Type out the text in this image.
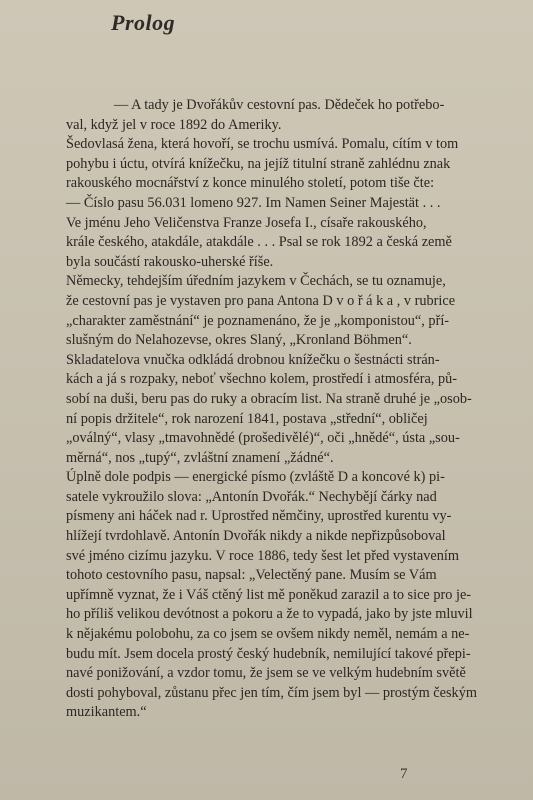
Prolog

— A tady je Dvořákův cestovní pas. Dědeček ho potřebo-
val, když jel v roce 1892 do Ameriky.

Šedovlasá žena, která hovoří, se trochu usmívá. Pomalu, cítím v tom
pohybu i úctu, otvírá knížečku, na jejíž titulní straně zahlédnu znak
rakouského mocnářství z konce minulého století, potom tiše čte:
— Číslo pasu 56.031 lomeno 927. Im Namen Seiner Majestät . . .
Ve jménu Jeho Veličenstva Franze Josefa I., císaře rakouského,
krále českého, atakdále, atakdále . . . Psal se rok 1892 a česká země
byla součástí rakousko-uherské říše.

Německy, tehdejším úředním jazykem v Čechách, se tu oznamuje,
že cestovní pas je vystaven pro pana Antona D v o ř á k a , v rubrice
„charakter zaměstnání“ je poznamenáno, že je „komponistou“, pří-
slušným do Nelahozevse, okres Slaný, „Kronland Böhmen“.

Skladatelova vnučka odkládá drobnou knížečku o šestnácti strán-
kách a já s rozpaky, neboť všechno kolem, prostředí i atmosféra, pů-
sobí na duši, beru pas do ruky a obracím list. Na straně druhé je „osob-
ní popis držitele“, rok narození 1841, postava „střední“, obličej
„oválný“, vlasy „tmavohnědé (prošedivělé)“, oči „hnědé“, ústa „sou-
měrná“, nos „tupý“, zvláštní znamení „žádné“.

Úplně dole podpis — energické písmo (zvláště D a koncové k) pi-
satele vykroužilo slova: „Antonín Dvořák.“ Nechybějí čárky nad
písmeny ani háček nad r. Uprostřed němčiny, uprostřed kurentu vy-
hlížejí tvrdohlavě. Antonín Dvořák nikdy a nikde nepřizpůsoboval
své jméno cizímu jazyku. V roce 1886, tedy šest let před vystavením
tohoto cestovního pasu, napsal: „Velectěný pane. Musím se Vám
upřímně vyznat, že i Váš ctěný list mě poněkud zarazil a to sice pro je-
ho příliš velikou devótnost a pokoru a že to vypadá, jako by jste mluvil
k nějakému polobohu, za co jsem se ovšem nikdy neměl, nemám a ne-
budu mít. Jsem docela prostý český hudebník, nemilující takové přepi-
navé ponižování, a vzdor tomu, že jsem se ve velkým hudebním světě
dosti pohyboval, zůstanu přec jen tím, čím jsem byl — prostým českým
muzikantem.“

7
